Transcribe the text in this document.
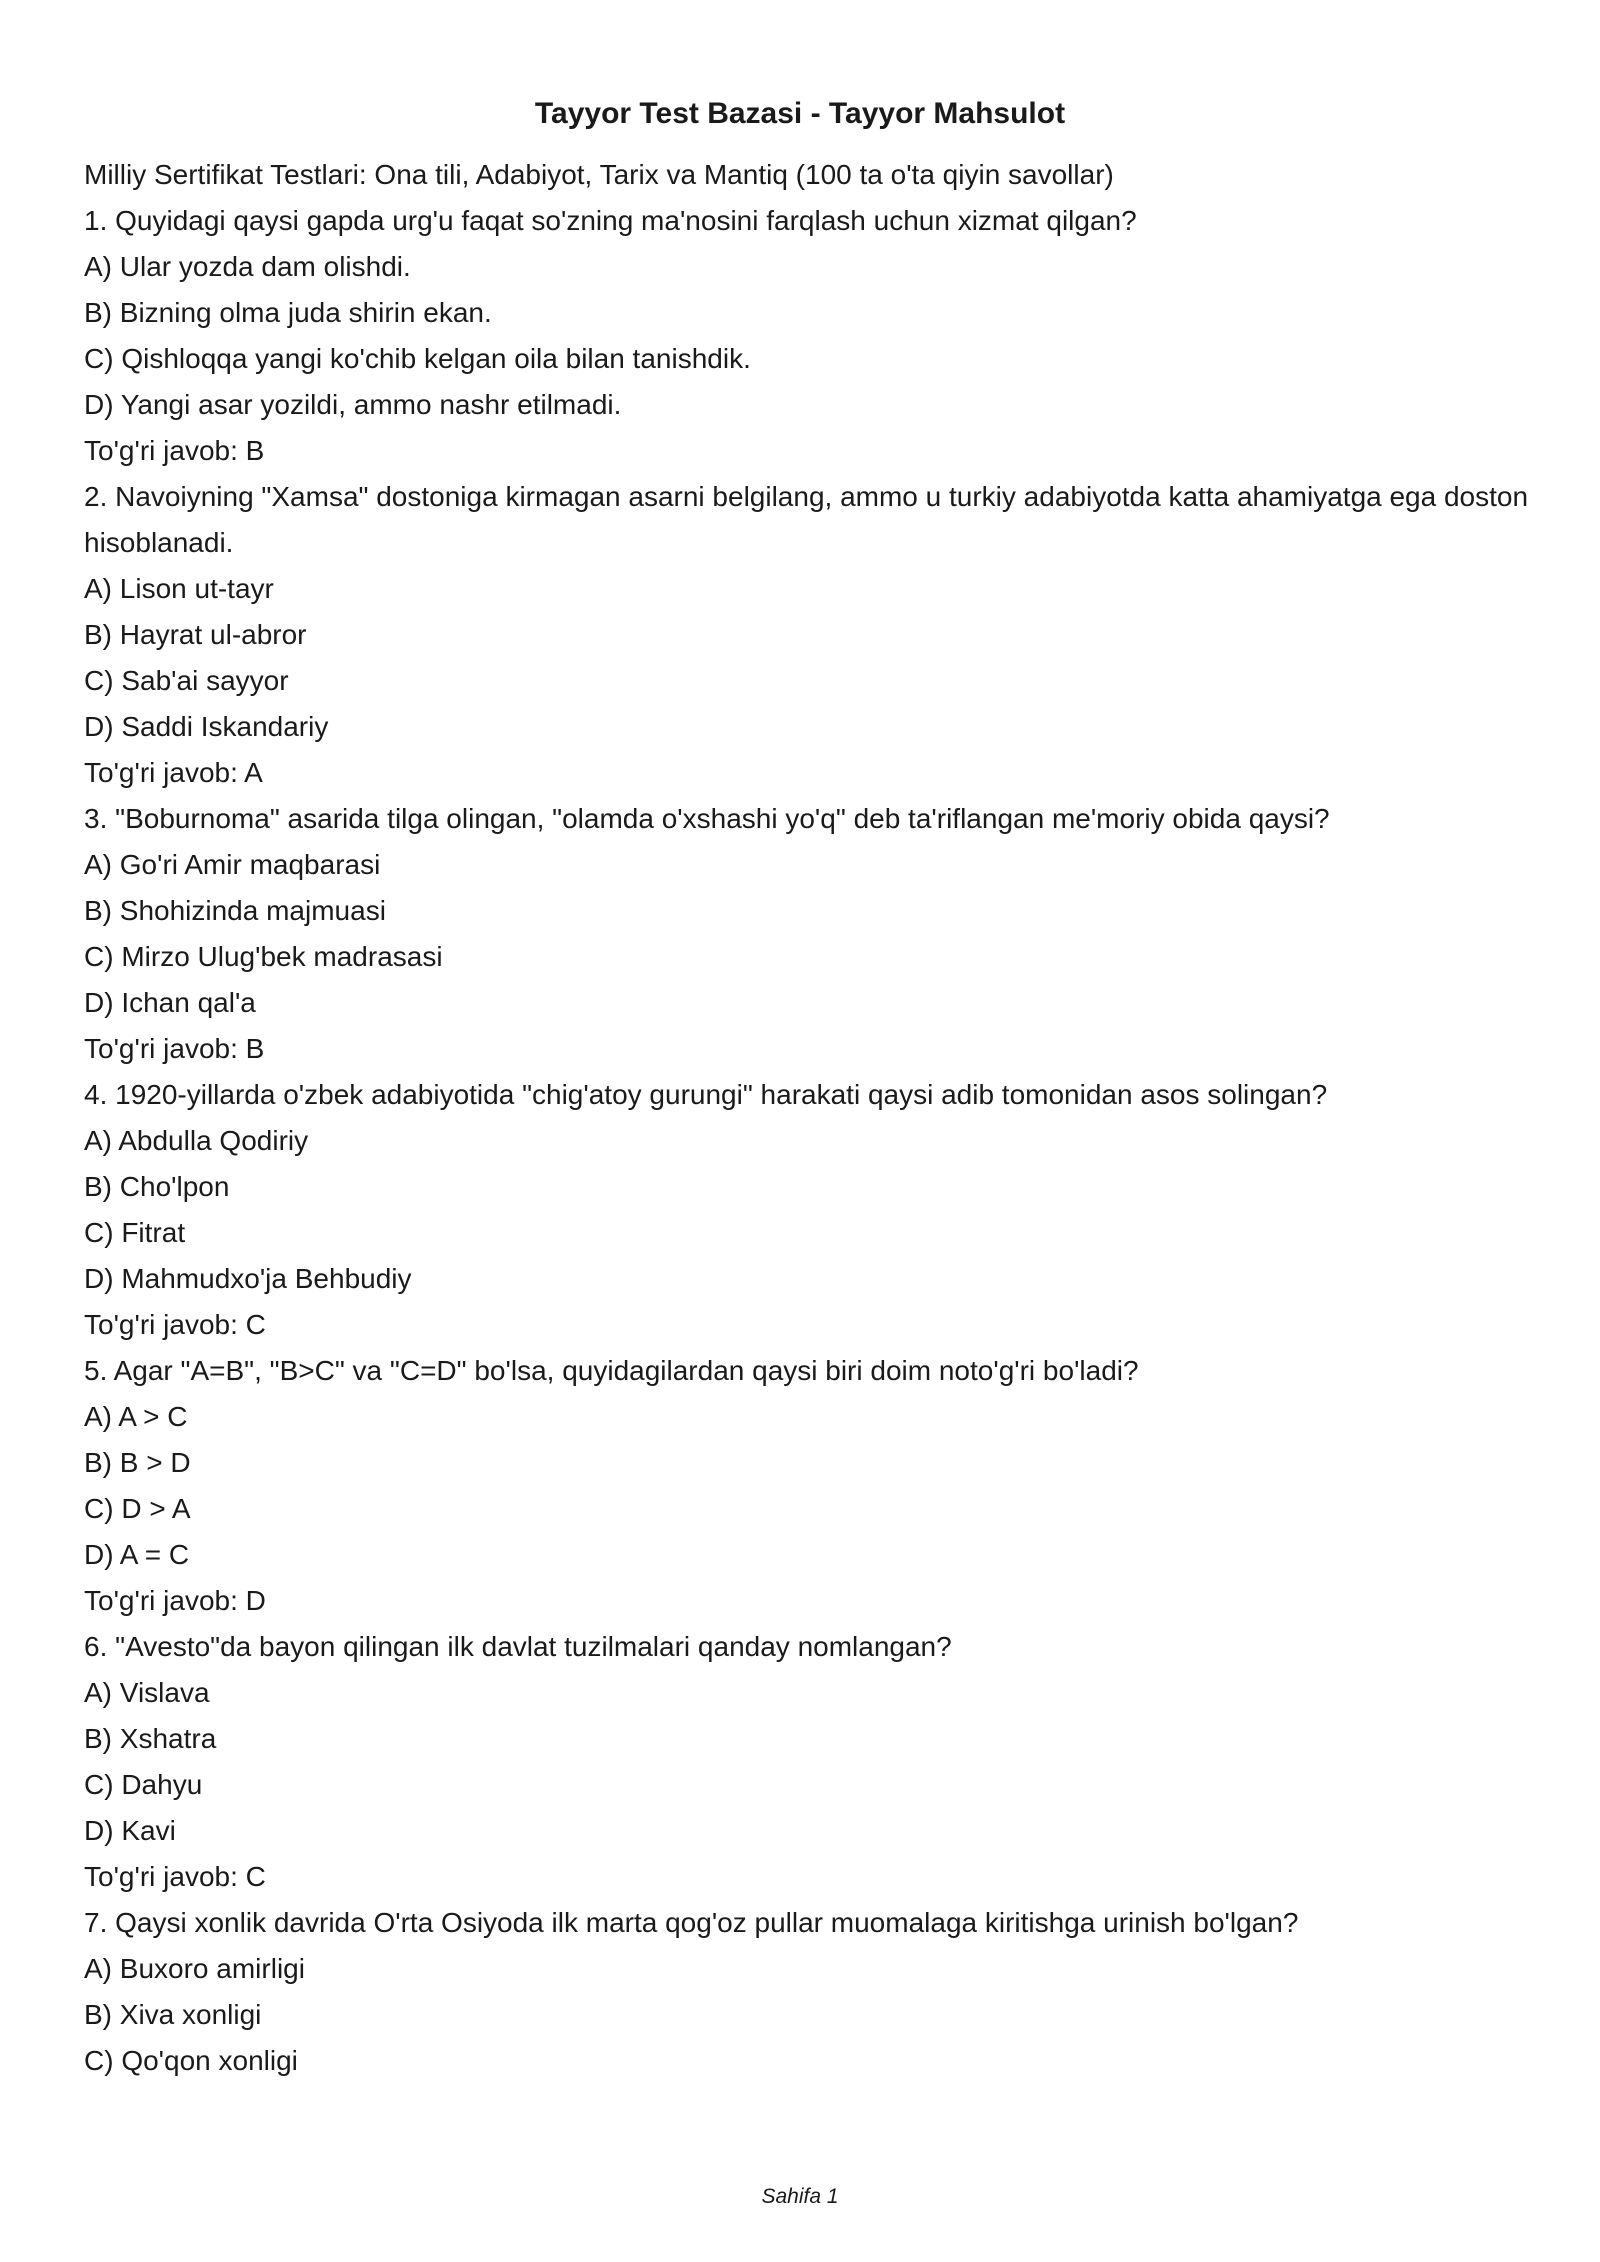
Tayyor Test Bazasi - Tayyor Mahsulot

Milliy Sertifikat Testlari: Ona tili, Adabiyot, Tarix va Mantiq (100 ta o'ta qiyin savollar)

1. Quyidagi qaysi gapda urg'u faqat so'zning ma'nosini farqlash uchun xizmat qilgan?

A) Ular yozda dam olishdi.

B) Bizning olma juda shirin ekan.

C) Qishloqqa yangi ko'chib kelgan oila bilan tanishdik.

D) Yangi asar yozildi, ammo nashr etilmadi.

To'g'ri javob: B

2. Navoiyning "Xamsa" dostoniga kirmagan asarni belgilang, ammo u turkiy adabiyotda katta ahamiyatga ega doston hisoblanadi.

A) Lison ut-tayr

B) Hayrat ul-abror

C) Sab'ai sayyor

D) Saddi Iskandariy

To'g'ri javob: A

3. "Boburnoma" asarida tilga olingan, "olamda o'xshashi yo'q" deb ta'riflangan me'moriy obida qaysi?

A) Go'ri Amir maqbarasi

B) Shohizinda majmuasi

C) Mirzo Ulug'bek madrasasi

D) Ichan qal'a

To'g'ri javob: B

4. 1920-yillarda o'zbek adabiyotida "chig'atoy gurungi" harakati qaysi adib tomonidan asos solingan?

A) Abdulla Qodiriy

B) Cho'lpon

C) Fitrat

D) Mahmudxo'ja Behbudiy

To'g'ri javob: C

5. Agar "A=B", "B>C" va "C=D" bo'lsa, quyidagilardan qaysi biri doim noto'g'ri bo'ladi?

A) A > C

B) B > D

C) D > A

D) A = C

To'g'ri javob: D

6. "Avesto"da bayon qilingan ilk davlat tuzilmalari qanday nomlangan?

A) Vislava

B) Xshatra

C) Dahyu

D) Kavi

To'g'ri javob: C

7. Qaysi xonlik davrida O'rta Osiyoda ilk marta qog'oz pullar muomalaga kiritishga urinish bo'lgan?

A) Buxoro amirligi

B) Xiva xonligi

C) Qo'qon xonligi

Sahifa 1
